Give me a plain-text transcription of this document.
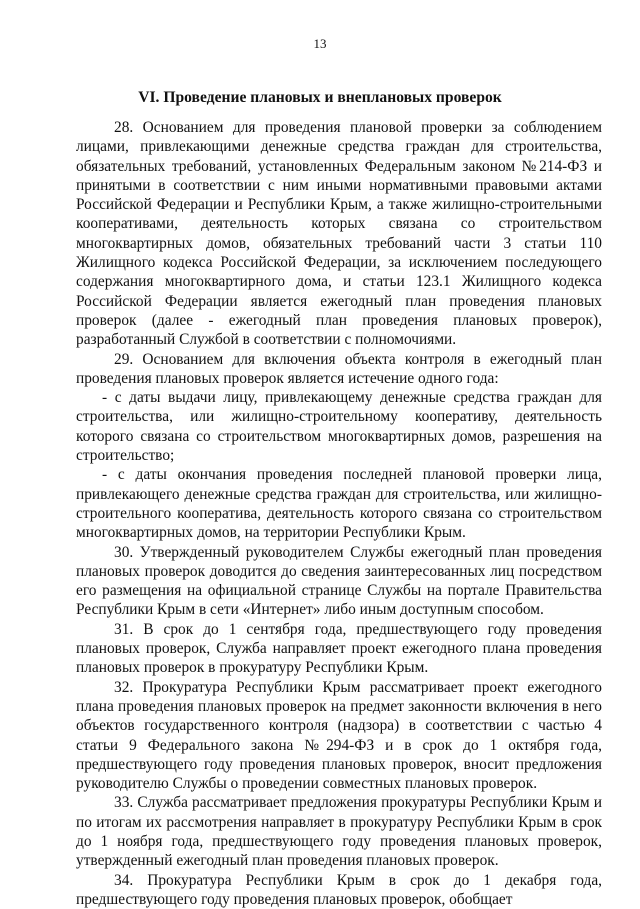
13
VI. Проведение плановых и внеплановых проверок

28. Основанием для проведения плановой проверки за соблюдением лицами, привлекающими денежные средства граждан для строительства, обязательных требований, установленных Федеральным законом №214-ФЗ и принятыми в соответствии с ним иными нормативными правовыми актами Российской Федерации и Республики Крым, а также жилищно-строительными кооперативами, деятельность которых связана со строительством многоквартирных домов, обязательных требований части 3 статьи 110 Жилищного кодекса Российской Федерации, за исключением последующего содержания многоквартирного дома, и статьи 123.1 Жилищного кодекса Российской Федерации является ежегодный план проведения плановых проверок (далее - ежегодный план проведения плановых проверок), разработанный Службой в соответствии с полномочиями.

29. Основанием для включения объекта контроля в ежегодный план проведения плановых проверок является истечение одного года:

- с даты выдачи лицу, привлекающему денежные средства граждан для строительства, или жилищно-строительному кооперативу, деятельность которого связана со строительством многоквартирных домов, разрешения на строительство;

- с даты окончания проведения последней плановой проверки лица, привлекающего денежные средства граждан для строительства, или жилищно-строительного кооператива, деятельность которого связана со строительством многоквартирных домов, на территории Республики Крым.

30. Утвержденный руководителем Службы ежегодный план проведения плановых проверок доводится до сведения заинтересованных лиц посредством его размещения на официальной странице Службы на портале Правительства Республики Крым в сети «Интернет» либо иным доступным способом.

31. В срок до 1 сентября года, предшествующего году проведения плановых проверок, Служба направляет проект ежегодного плана проведения плановых проверок в прокуратуру Республики Крым.

32. Прокуратура Республики Крым рассматривает проект ежегодного плана проведения плановых проверок на предмет законности включения в него объектов государственного контроля (надзора) в соответствии с частью 4 статьи 9 Федерального закона №294-ФЗ и в срок до 1 октября года, предшествующего году проведения плановых проверок, вносит предложения руководителю Службы о проведении совместных плановых проверок.

33. Служба рассматривает предложения прокуратуры Республики Крым и по итогам их рассмотрения направляет в прокуратуру Республики Крым в срок до 1 ноября года, предшествующего году проведения плановых проверок, утвержденный ежегодный план проведения плановых проверок.

34. Прокуратура Республики Крым в срок до 1 декабря года, предшествующего году проведения плановых проверок, обобщает
